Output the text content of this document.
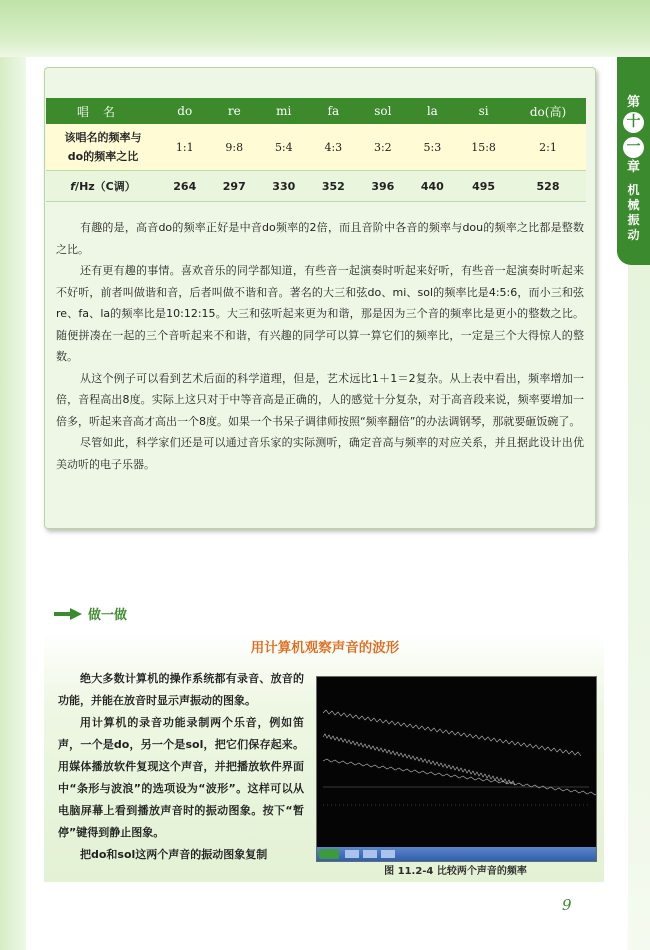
第
十
一
章
机械振动
唱名	do	re	mi	fa	sol	la	si	do(高)

该唱名的频率与
do的频率之比	1:1	9:8	5:4	4:3	3:2	5:3	15:8	2:1
f/Hz（C调）	264	297	330	352	396	440	495	528

有趣的是，高音do的频率正好是中音do频率的2倍，而且音阶中各音的频率与dou的频率之比都是整数之比。

还有更有趣的事情。喜欢音乐的同学都知道，有些音一起演奏时听起来好听，有些音一起演奏时听起来不好听，前者叫做谐和音，后者叫做不谐和音。著名的大三和弦do、mi、sol的频率比是4:5:6，而小三和弦re、fa、la的频率比是10:12:15。大三和弦听起来更为和谐，那是因为三个音的频率比是更小的整数之比。随便拼凑在一起的三个音听起来不和谐，有兴趣的同学可以算一算它们的频率比，一定是三个大得惊人的整数。

从这个例子可以看到艺术后面的科学道理，但是，艺术远比1＋1＝2复杂。从上表中看出，频率增加一倍，音程高出8度。实际上这只对于中等音高是正确的，人的感觉十分复杂，对于高音段来说，频率要增加一倍多，听起来音高才高出一个8度。如果一个书呆子调律师按照“频率翻倍”的办法调钢琴，那就要砸饭碗了。

尽管如此，科学家们还是可以通过音乐家的实际测听，确定音高与频率的对应关系，并且据此设计出优美动听的电子乐器。

做一做
用计算机观察声音的波形

绝大多数计算机的操作系统都有录音、放音的功能，并能在放音时显示声振动的图象。

用计算机的录音功能录制两个乐音，例如笛声，一个是do，另一个是sol，把它们保存起来。用媒体播放软件复现这个声音，并把播放软件界面中“条形与波浪”的选项设为“波形”。这样可以从电脑屏幕上看到播放声音时的振动图象。按下“暂停”键得到静止图象。

把do和sol这两个声音的振动图象复制

图 11.2-4 比较两个声音的频率
9
